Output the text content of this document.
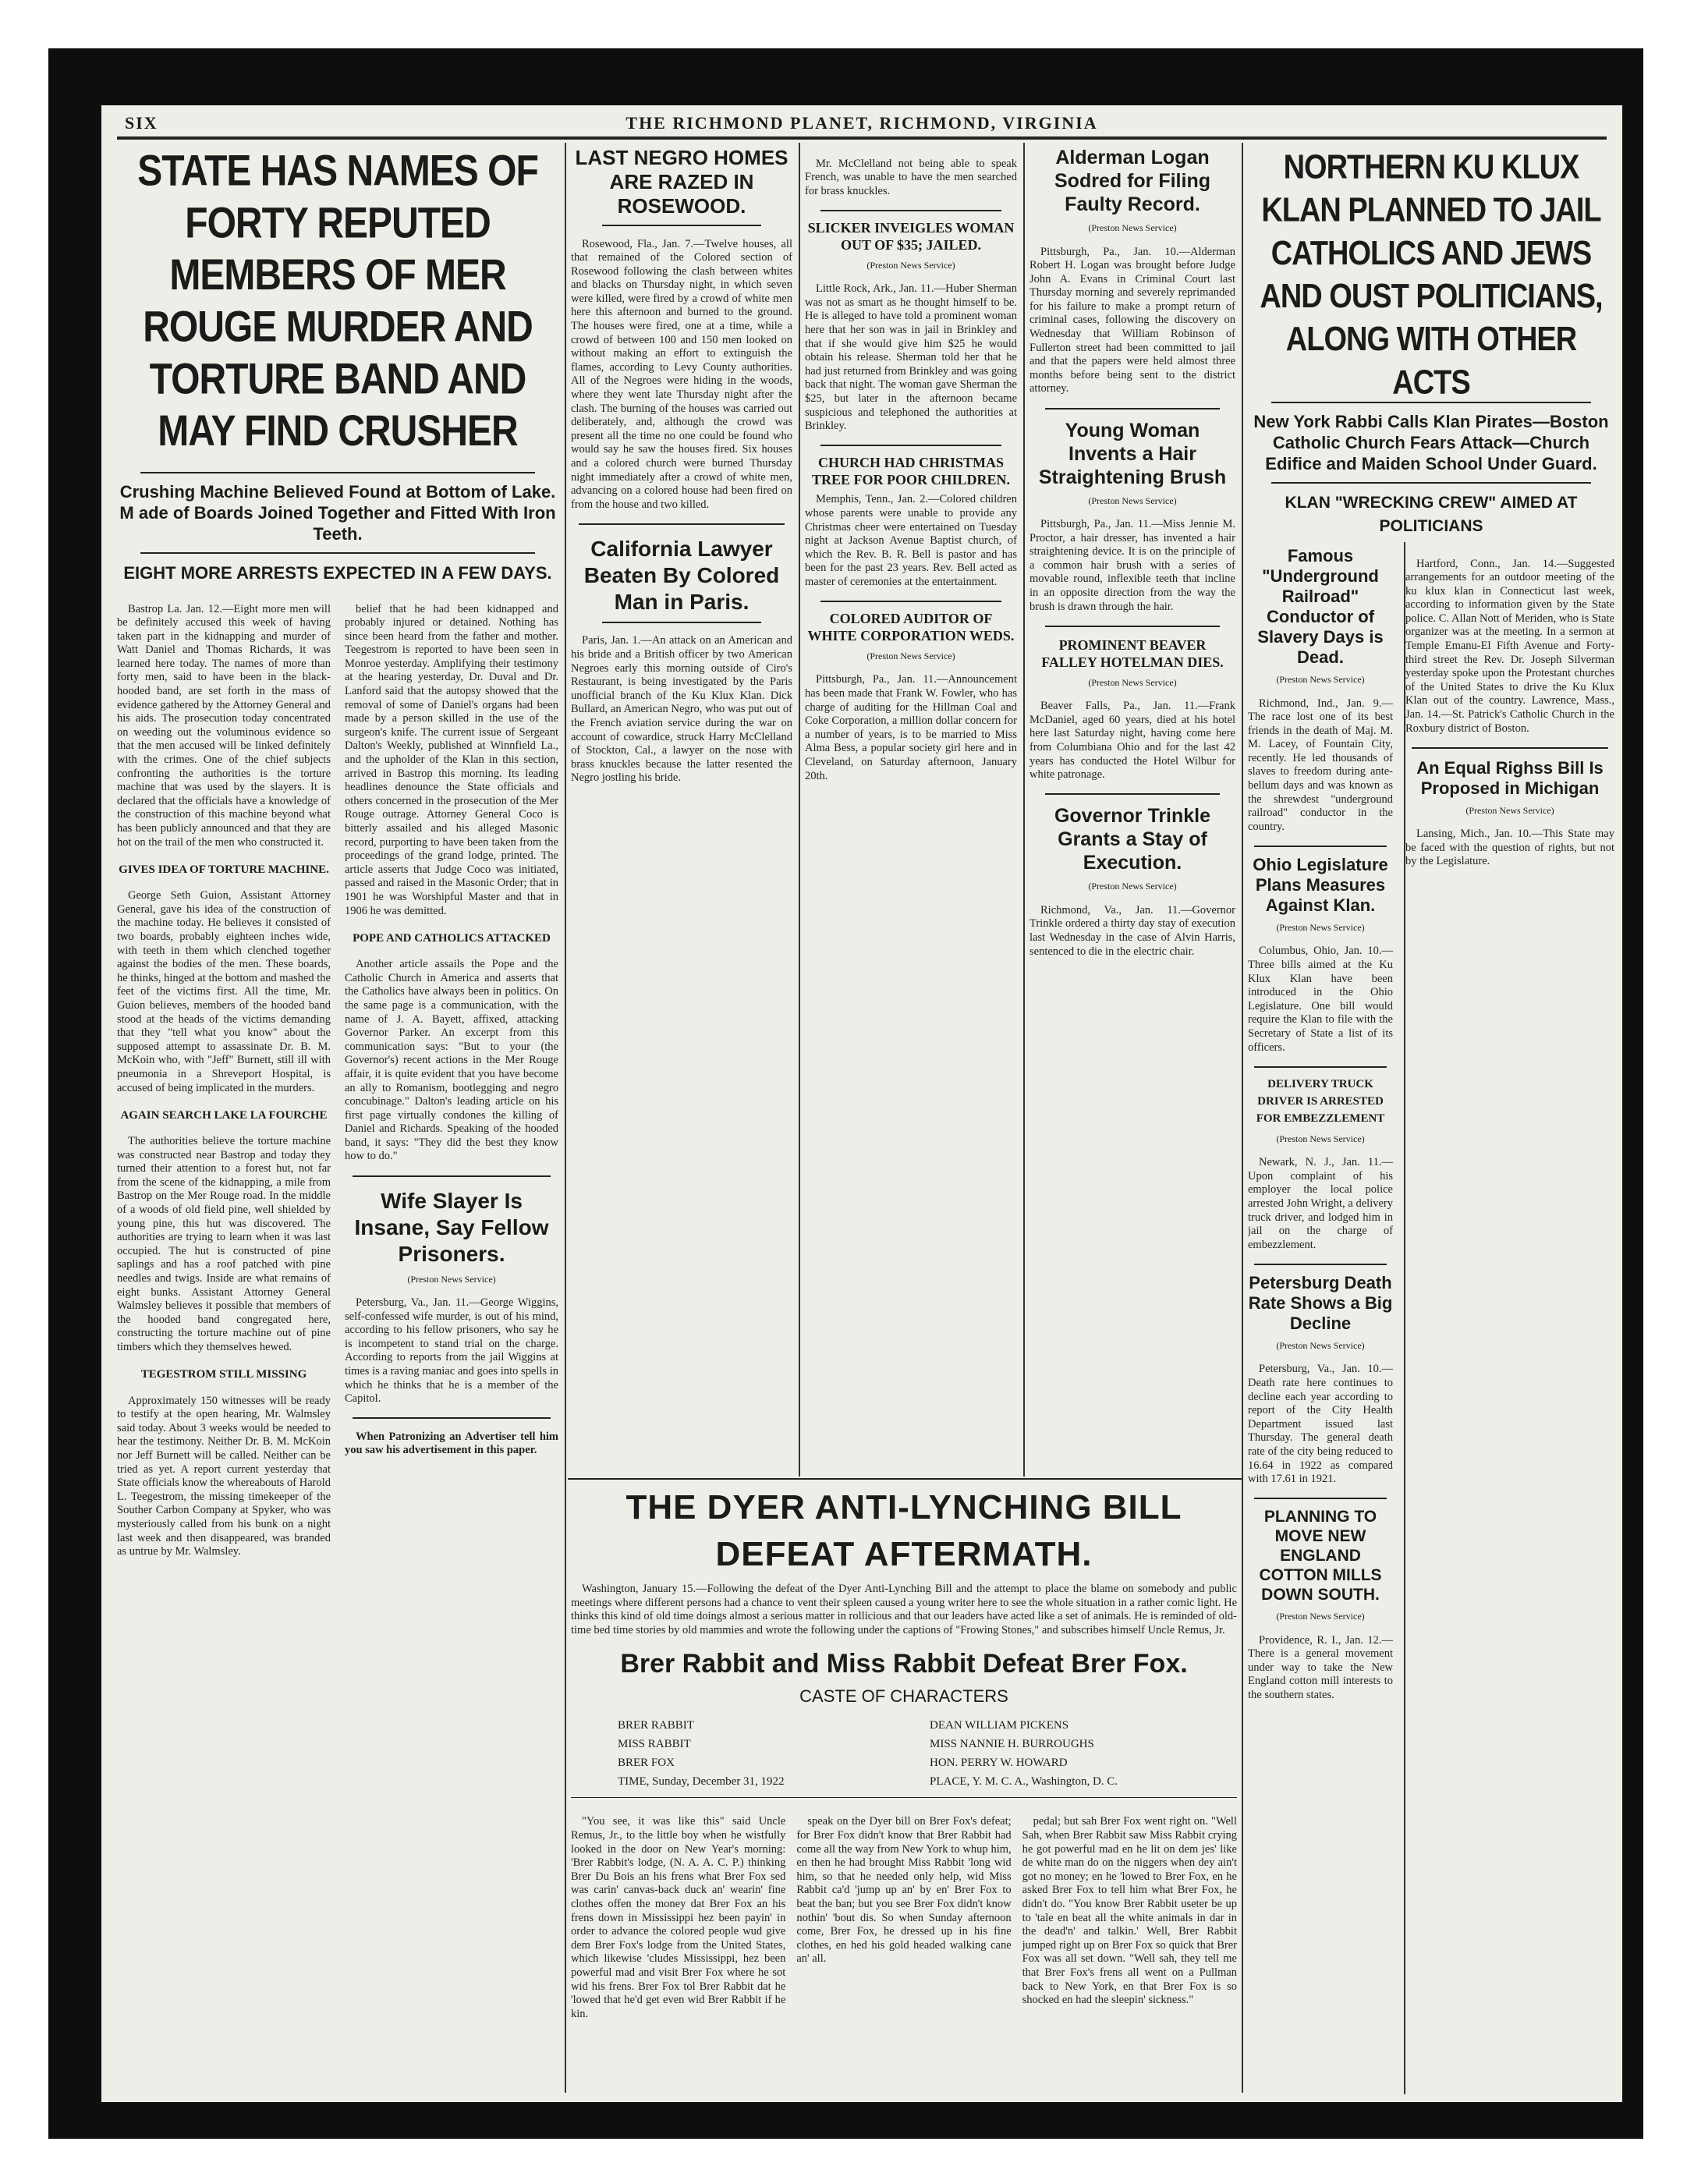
SIX	THE RICHMOND PLANET, RICHMOND, VIRGINIA
STATE HAS NAMES OF FORTY REPUTED MEMBERS OF MER ROUGE MURDER AND TORTURE BAND AND MAY FIND CRUSHER
Crushing Machine Believed Found at Bottom of Lake. M ade of Boards Joined Together and Fitted With Iron Teeth.
EIGHT MORE ARRESTS EXPECTED IN A FEW DAYS.

Bastrop La. Jan. 12.—Eight more men will be definitely accused this week of having taken part in the kidnapping and murder of Watt Daniel and Thomas Richards, it was learned here today. The names of more than forty men, said to have been in the black-hooded band, are set forth in the mass of evidence gathered by the Attorney General and his aids. The prosecution today concentrated on weeding out the voluminous evidence so that the men accused will be linked definitely with the crimes. One of the chief subjects confronting the authorities is the torture machine that was used by the slayers. It is declared that the officials have a knowledge of the construction of this machine beyond what has been publicly announced and that they are hot on the trail of the men who constructed it.

GIVES IDEA OF TORTURE MACHINE.

George Seth Guion, Assistant Attorney General, gave his idea of the construction of the machine today. He believes it consisted of two boards, probably eighteen inches wide, with teeth in them which clenched together against the bodies of the men. These boards, he thinks, hinged at the bottom and mashed the feet of the victims first. All the time, Mr. Guion believes, members of the hooded band stood at the heads of the victims demanding that they "tell what you know" about the supposed attempt to assassinate Dr. B. M. McKoin who, with "Jeff" Burnett, still ill with pneumonia in a Shreveport Hospital, is accused of being implicated in the murders.

AGAIN SEARCH LAKE LA FOURCHE

The authorities believe the torture machine was constructed near Bastrop and today they turned their attention to a forest hut, not far from the scene of the kidnapping, a mile from Bastrop on the Mer Rouge road. In the middle of a woods of old field pine, well shielded by young pine, this hut was discovered. The authorities are trying to learn when it was last occupied. The hut is constructed of pine saplings and has a roof patched with pine needles and twigs. Inside are what remains of eight bunks. Assistant Attorney General Walmsley believes it possible that members of the hooded band congregated here, constructing the torture machine out of pine timbers which they themselves hewed.

TEGESTROM STILL MISSING

Approximately 150 witnesses will be ready to testify at the open hearing, Mr. Walmsley said today. About 3 weeks would be needed to hear the testimony. Neither Dr. B. M. McKoin nor Jeff Burnett will be called. Neither can be tried as yet. A report current yesterday that State officials know the whereabouts of Harold L. Teegestrom, the missing timekeeper of the Souther Carbon Company at Spyker, who was mysteriously called from his bunk on a night last week and then disappeared, was branded as untrue by Mr. Walmsley.

belief that he had been kidnapped and probably injured or detained. Nothing has since been heard from the father and mother. Teegestrom is reported to have been seen in Monroe yesterday. Amplifying their testimony at the hearing yesterday, Dr. Duval and Dr. Lanford said that the autopsy showed that the removal of some of Daniel's organs had been made by a person skilled in the use of the surgeon's knife. The current issue of Sergeant Dalton's Weekly, published at Winnfield La., and the upholder of the Klan in this section, arrived in Bastrop this morning. Its leading headlines denounce the State officials and others concerned in the prosecution of the Mer Rouge outrage. Attorney General Coco is bitterly assailed and his alleged Masonic record, purporting to have been taken from the proceedings of the grand lodge, printed. The article asserts that Judge Coco was initiated, passed and raised in the Masonic Order; that in 1901 he was Worshipful Master and that in 1906 he was demitted.

POPE AND CATHOLICS ATTACKED

Another article assails the Pope and the Catholic Church in America and asserts that the Catholics have always been in politics. On the same page is a communication, with the name of J. A. Bayett, affixed, attacking Governor Parker. An excerpt from this communication says: "But to your (the Governor's) recent actions in the Mer Rouge affair, it is quite evident that you have become an ally to Romanism, bootlegging and negro concubinage." Dalton's leading article on his first page virtually condones the killing of Daniel and Richards. Speaking of the hooded band, it says: "They did the best they know how to do."

Wife Slayer Is Insane, Say Fellow Prisoners.
(Preston News Service)

Petersburg, Va., Jan. 11.—George Wiggins, self-confessed wife murder, is out of his mind, according to his fellow prisoners, who say he is incompetent to stand trial on the charge. According to reports from the jail Wiggins at times is a raving maniac and goes into spells in which he thinks that he is a member of the Capitol.

When Patronizing an Advertiser tell him you saw his advertisement in this paper.

LAST NEGRO HOMES ARE RAZED IN ROSEWOOD.

Rosewood, Fla., Jan. 7.—Twelve houses, all that remained of the Colored section of Rosewood following the clash between whites and blacks on Thursday night, in which seven were killed, were fired by a crowd of white men here this afternoon and burned to the ground. The houses were fired, one at a time, while a crowd of between 100 and 150 men looked on without making an effort to extinguish the flames, according to Levy County authorities. All of the Negroes were hiding in the woods, where they went late Thursday night after the clash. The burning of the houses was carried out deliberately, and, although the crowd was present all the time no one could be found who would say he saw the houses fired. Six houses and a colored church were burned Thursday night immediately after a crowd of white men, advancing on a colored house had been fired on from the house and two killed.

California Lawyer Beaten By Colored Man in Paris.

Paris, Jan. 1.—An attack on an American and his bride and a British officer by two American Negroes early this morning outside of Ciro's Restaurant, is being investigated by the Paris unofficial branch of the Ku Klux Klan. Dick Bullard, an American Negro, who was put out of the French aviation service during the war on account of cowardice, struck Harry McClelland of Stockton, Cal., a lawyer on the nose with brass knuckles because the latter resented the Negro jostling his bride.

Mr. McClelland not being able to speak French, was unable to have the men searched for brass knuckles.

SLICKER INVEIGLES WOMAN OUT OF $35; JAILED.
(Preston News Service)

Little Rock, Ark., Jan. 11.—Huber Sherman was not as smart as he thought himself to be. He is alleged to have told a prominent woman here that her son was in jail in Brinkley and that if she would give him $25 he would obtain his release. Sherman told her that he had just returned from Brinkley and was going back that night. The woman gave Sherman the $25, but later in the afternoon became suspicious and telephoned the authorities at Brinkley.

CHURCH HAD CHRISTMAS TREE FOR POOR CHILDREN.

Memphis, Tenn., Jan. 2.—Colored children whose parents were unable to provide any Christmas cheer were entertained on Tuesday night at Jackson Avenue Baptist church, of which the Rev. B. R. Bell is pastor and has been for the past 23 years. Rev. Bell acted as master of ceremonies at the entertainment.

COLORED AUDITOR OF WHITE CORPORATION WEDS.
(Preston News Service)

Pittsburgh, Pa., Jan. 11.—Announcement has been made that Frank W. Fowler, who has charge of auditing for the Hillman Coal and Coke Corporation, a million dollar concern for a number of years, is to be married to Miss Alma Bess, a popular society girl here and in Cleveland, on Saturday afternoon, January 20th.

Alderman Logan Sodred for Filing Faulty Record.
(Preston News Service)

Pittsburgh, Pa., Jan. 10.—Alderman Robert H. Logan was brought before Judge John A. Evans in Criminal Court last Thursday morning and severely reprimanded for his failure to make a prompt return of criminal cases, following the discovery on Wednesday that William Robinson of Fullerton street had been committed to jail and that the papers were held almost three months before being sent to the district attorney.

Young Woman Invents a Hair Straightening Brush
(Preston News Service)

Pittsburgh, Pa., Jan. 11.—Miss Jennie M. Proctor, a hair dresser, has invented a hair straightening device. It is on the principle of a common hair brush with a series of movable round, inflexible teeth that incline in an opposite direction from the way the brush is drawn through the hair.

PROMINENT BEAVER FALLEY HOTELMAN DIES.
(Preston News Service)

Beaver Falls, Pa., Jan. 11.—Frank McDaniel, aged 60 years, died at his hotel here last Saturday night, having come here from Columbiana Ohio and for the last 42 years has conducted the Hotel Wilbur for white patronage.

Governor Trinkle Grants a Stay of Execution.
(Preston News Service)

Richmond, Va., Jan. 11.—Governor Trinkle ordered a thirty day stay of execution last Wednesday in the case of Alvin Harris, sentenced to die in the electric chair.

NORTHERN KU KLUX KLAN PLANNED TO JAIL CATHOLICS AND JEWS AND OUST POLITICIANS, ALONG WITH OTHER ACTS
New York Rabbi Calls Klan Pirates—Boston Catholic Church Fears Attack—Church Edifice and Maiden School Under Guard.
KLAN "WRECKING CREW" AIMED AT POLITICIANS
Famous "Underground Railroad" Conductor of Slavery Days is Dead.
(Preston News Service)

Richmond, Ind., Jan. 9.—The race lost one of its best friends in the death of Maj. M. M. Lacey, of Fountain City, recently. He led thousands of slaves to freedom during ante-bellum days and was known as the shrewdest "underground railroad" conductor in the country.

Ohio Legislature Plans Measures Against Klan.
(Preston News Service)

Columbus, Ohio, Jan. 10.—Three bills aimed at the Ku Klux Klan have been introduced in the Ohio Legislature. One bill would require the Klan to file with the Secretary of State a list of its officers.

DELIVERY TRUCK DRIVER IS ARRESTED FOR EMBEZZLEMENT
(Preston News Service)

Newark, N. J., Jan. 11.—Upon complaint of his employer the local police arrested John Wright, a delivery truck driver, and lodged him in jail on the charge of embezzlement.

Petersburg Death Rate Shows a Big Decline
(Preston News Service)

Petersburg, Va., Jan. 10.—Death rate here continues to decline each year according to report of the City Health Department issued last Thursday. The general death rate of the city being reduced to 16.64 in 1922 as compared with 17.61 in 1921.

PLANNING TO MOVE NEW ENGLAND COTTON MILLS DOWN SOUTH.
(Preston News Service)

Providence, R. I., Jan. 12.—There is a general movement under way to take the New England cotton mill interests to the southern states.

Hartford, Conn., Jan. 14.—Suggested arrangements for an outdoor meeting of the ku klux klan in Connecticut last week, according to information given by the State police. C. Allan Nott of Meriden, who is State organizer was at the meeting. In a sermon at Temple Emanu-El Fifth Avenue and Forty-third street the Rev. Dr. Joseph Silverman yesterday spoke upon the Protestant churches of the United States to drive the Ku Klux Klan out of the country. Lawrence, Mass., Jan. 14.—St. Patrick's Catholic Church in the Roxbury district of Boston.

An Equal Righss Bill Is Proposed in Michigan
(Preston News Service)

Lansing, Mich., Jan. 10.—This State may be faced with the question of rights, but not by the Legislature.

THE DYER ANTI-LYNCHING BILL DEFEAT AFTERMATH.

Washington, January 15.—Following the defeat of the Dyer Anti-Lynching Bill and the attempt to place the blame on somebody and public meetings where different persons had a chance to vent their spleen caused a young writer here to see the whole situation in a rather comic light. He thinks this kind of old time doings almost a serious matter in rollicious and that our leaders have acted like a set of animals. He is reminded of old-time bed time stories by old mammies and wrote the following under the captions of "Frowing Stones," and subscribes himself Uncle Remus, Jr.

Brer Rabbit and Miss Rabbit Defeat Brer Fox.
CASTE OF CHARACTERS
BRER RABBIT	DEAN WILLIAM PICKENS
MISS RABBIT	MISS NANNIE H. BURROUGHS
BRER FOX	HON. PERRY W. HOWARD
TIME, Sunday, December 31, 1922	PLACE, Y. M. C. A., Washington, D. C.

"You see, it was like this" said Uncle Remus, Jr., to the little boy when he wistfully looked in the door on New Year's morning: 'Brer Rabbit's lodge, (N. A. A. C. P.) thinking Brer Du Bois an his frens what Brer Fox sed was carin' canvas-back duck an' wearin' fine clothes offen the money dat Brer Fox an his frens down in Mississippi hez been payin' in order to advance the colored people wud give dem Brer Fox's lodge from the United States, which likewise 'cludes Mississippi, hez been powerful mad and visit Brer Fox where he sot wid his frens. Brer Fox tol Brer Rabbit dat he 'lowed that he'd get even wid Brer Rabbit if he kin.

speak on the Dyer bill on Brer Fox's defeat; for Brer Fox didn't know that Brer Rabbit had come all the way from New York to whup him, en then he had brought Miss Rabbit 'long wid him, so that he needed only help, wid Miss Rabbit ca'd 'jump up an' by en' Brer Fox to beat the ban; but you see Brer Fox didn't know nothin' 'bout dis. So when Sunday afternoon come, Brer Fox, he dressed up in his fine clothes, en hed his gold headed walking cane an' all.

pedal; but sah Brer Fox went right on. "Well Sah, when Brer Rabbit saw Miss Rabbit crying he got powerful mad en he lit on dem jes' like de white man do on the niggers when dey ain't got no money; en he 'lowed to Brer Fox, en he asked Brer Fox to tell him what Brer Fox, he didn't do. "You know Brer Rabbit useter be up to 'tale en beat all the white animals in dar in the dead'n' and talkin.' Well, Brer Rabbit jumped right up on Brer Fox so quick that Brer Fox was all set down. "Well sah, they tell me that Brer Fox's frens all went on a Pullman back to New York, en that Brer Fox is so shocked en had the sleepin' sickness."
